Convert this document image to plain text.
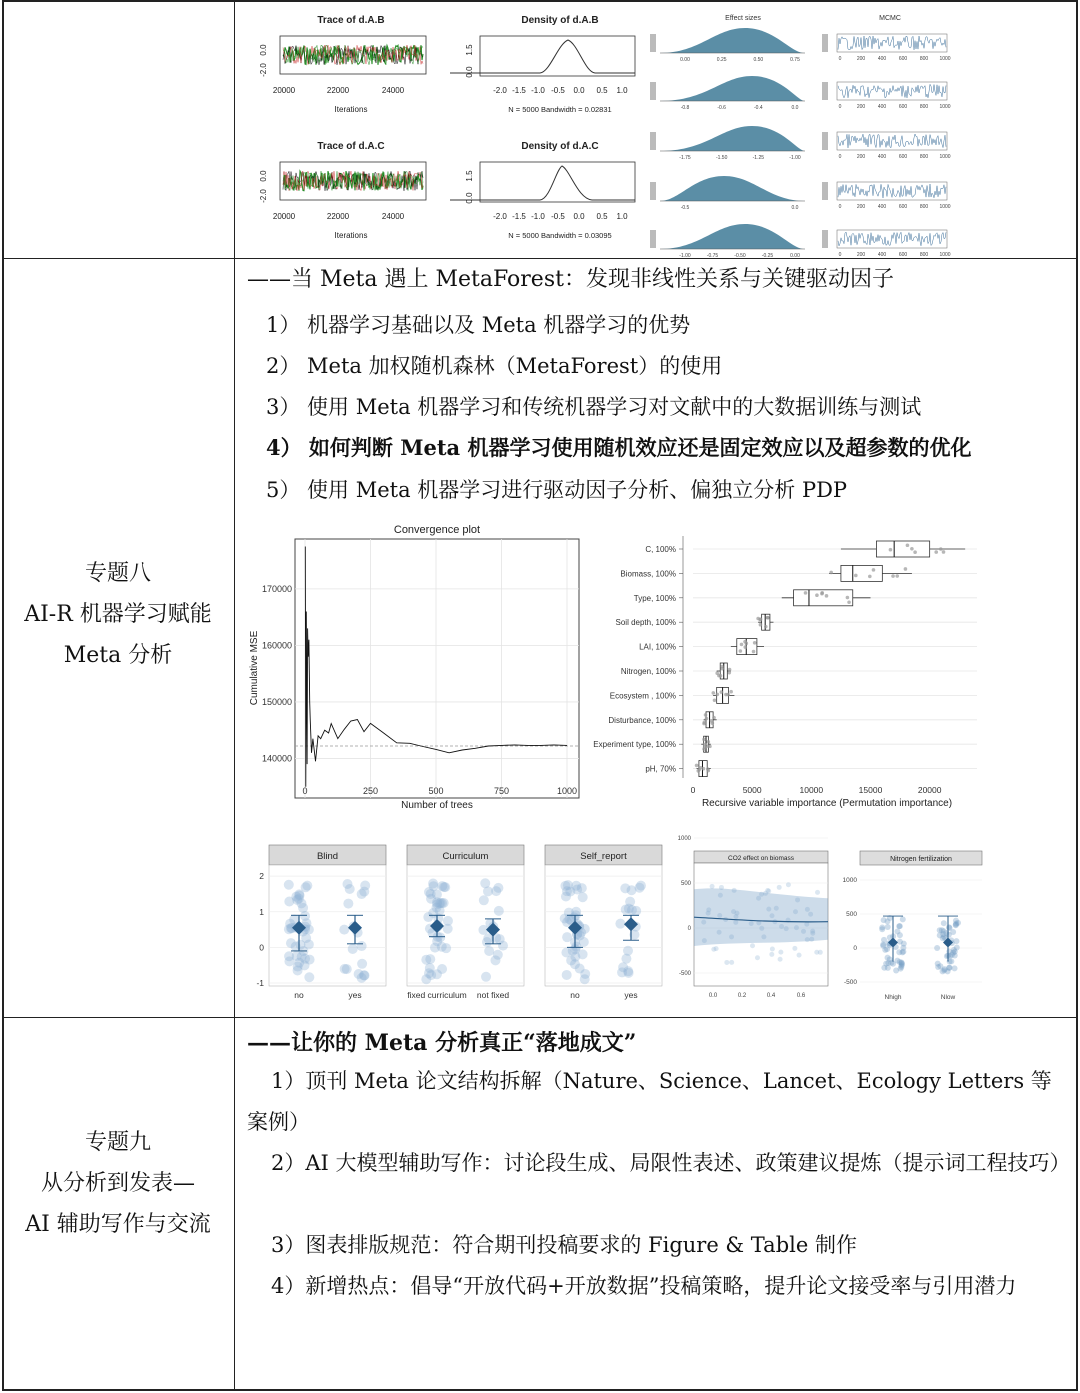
Trace of d.A.B
0.0
-2.0
20000	22000	24000
Iterations
Density of d.A.B
1.5
0.0
-2.0 -1.5 -1.0 -0.5 0.0 0.5 1.0
N = 5000 Bandwidth = 0.02831
Trace of d.A.C
0.0
-2.0
20000	22000	24000
Iterations
Density of d.A.C
1.5
0.0
-2.0 -1.5 -1.0 -0.5 0.0 0.5 1.0
N = 5000 Bandwidth = 0.03095
Effect sizes
0.00	0.25	0.50	0.75
-0.8	-0.6	-0.4	0.0
-1.75	-1.50	-1.25	-1.00
-0.5	0.0
-1.00	-0.75	-0.50	-0.25	0.00
MCMC
0	200	400	600	800 1000
0	200	400	600	800 1000
0	200	400	600	800 1000
0	200	400	600	800 1000
0	200	400	600	800 1000
专题八
AI-R 机器学习赋能
Meta 分析
——当 Meta 遇上 MetaForest：发现非线性关系与关键驱动因子
1） 机器学习基础以及 Meta 机器学习的优势
2） Meta 加权随机森林（MetaForest）的使用
3） 使用 Meta 机器学习和传统机器学习对文献中的大数据训练与测试
4） 如何判断 Meta 机器学习使用随机效应还是固定效应以及超参数的优化
5） 使用 Meta 机器学习进行驱动因子分析、偏独立分析 PDP
Convergence plot
170000
160000
150000
140000
0	250	500	750	1000
Number of trees
Cumulative MSE
C, 100%
Biomass, 100%
Type, 100%
Soil depth, 100%
LAI, 100%
Nitrogen, 100%
Ecosystem , 100%
Disturbance, 100%
Experiment type, 100%
pH, 70%
0	5000	10000	15000	20000
Recursive variable importance (Permutation importance)
2
1
0
-1
Blind
no	yes
Curriculum
fixed curriculum not fixed
Self_report
no	yes
CO2 effect on biomass
1000
500
0
-500
0.0	0.2	0.4	0.6
Nitrogen fertilization
1000
500
0
-500
Nhigh	Nlow
专题九
从分析到发表—
AI 辅助写作与交流
——让你的 Meta 分析真正“落地成文”
1）顶刊 Meta 论文结构拆解（Nature、Science、Lancet、Ecology Letters 等案例）
2）AI 大模型辅助写作：讨论段生成、局限性表述、政策建议提炼（提示词工程技巧）
3）图表排版规范：符合期刊投稿要求的 Figure & Table 制作
4）新增热点：倡导“开放代码+开放数据”投稿策略，提升论文接受率与引用潜力
